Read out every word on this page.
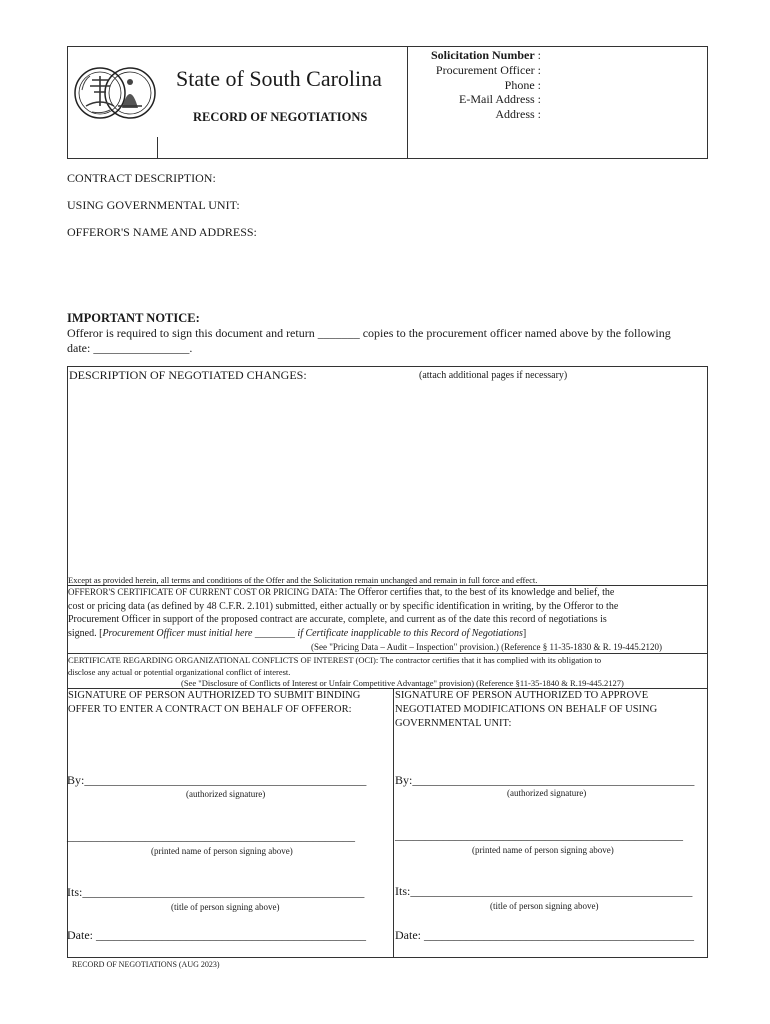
State of South Carolina
RECORD OF NEGOTIATIONS
Solicitation Number :
Procurement Officer :
Phone :
E-Mail Address :
Address :
CONTRACT DESCRIPTION:
USING GOVERNMENTAL UNIT:
OFFEROR'S NAME AND ADDRESS:
IMPORTANT NOTICE:
Offeror is required to sign this document and return _______ copies to the procurement officer named above by the following
date: ________________.
DESCRIPTION OF NEGOTIATED CHANGES:	(attach additional pages if necessary)
Except as provided herein, all terms and conditions of the Offer and the Solicitation remain unchanged and remain in full force and effect.
OFFEROR'S CERTIFICATE OF CURRENT COST OR PRICING DATA: The Offeror certifies that, to the best of its knowledge and belief, the
cost or pricing data (as defined by 48 C.F.R. 2.101) submitted, either actually or by specific identification in writing, by the Offeror to the
Procurement Officer in support of the proposed contract are accurate, complete, and current as of the date this record of negotiations is
signed. [Procurement Officer must initial here ________ if Certificate inapplicable to this Record of Negotiations]
(See "Pricing Data – Audit – Inspection" provision.) (Reference § 11-35-1830 & R. 19-445.2120)
CERTIFICATE REGARDING ORGANIZATIONAL CONFLICTS OF INTEREST (OCI): The contractor certifies that it has complied with its obligation to
disclose any actual or potential organizational conflict of interest.
(See "Disclosure of Conflicts of Interest or Unfair Competitive Advantage" provision) (Reference §11-35-1840 & R.19-445.2127)
SIGNATURE OF PERSON AUTHORIZED TO SUBMIT BINDING
OFFER TO ENTER A CONTRACT ON BEHALF OF OFFEROR:
By:_______________________________________________
(authorized signature)
________________________________________________
(printed name of person signing above)
Its:_______________________________________________
(title of person signing above)
Date: _____________________________________________
SIGNATURE OF PERSON AUTHORIZED TO APPROVE
NEGOTIATED MODIFICATIONS ON BEHALF OF USING
GOVERNMENTAL UNIT:
By:_______________________________________________
(authorized signature)
________________________________________________
(printed name of person signing above)
Its:_______________________________________________
(title of person signing above)
Date: _____________________________________________
RECORD OF NEGOTIATIONS (AUG 2023)
